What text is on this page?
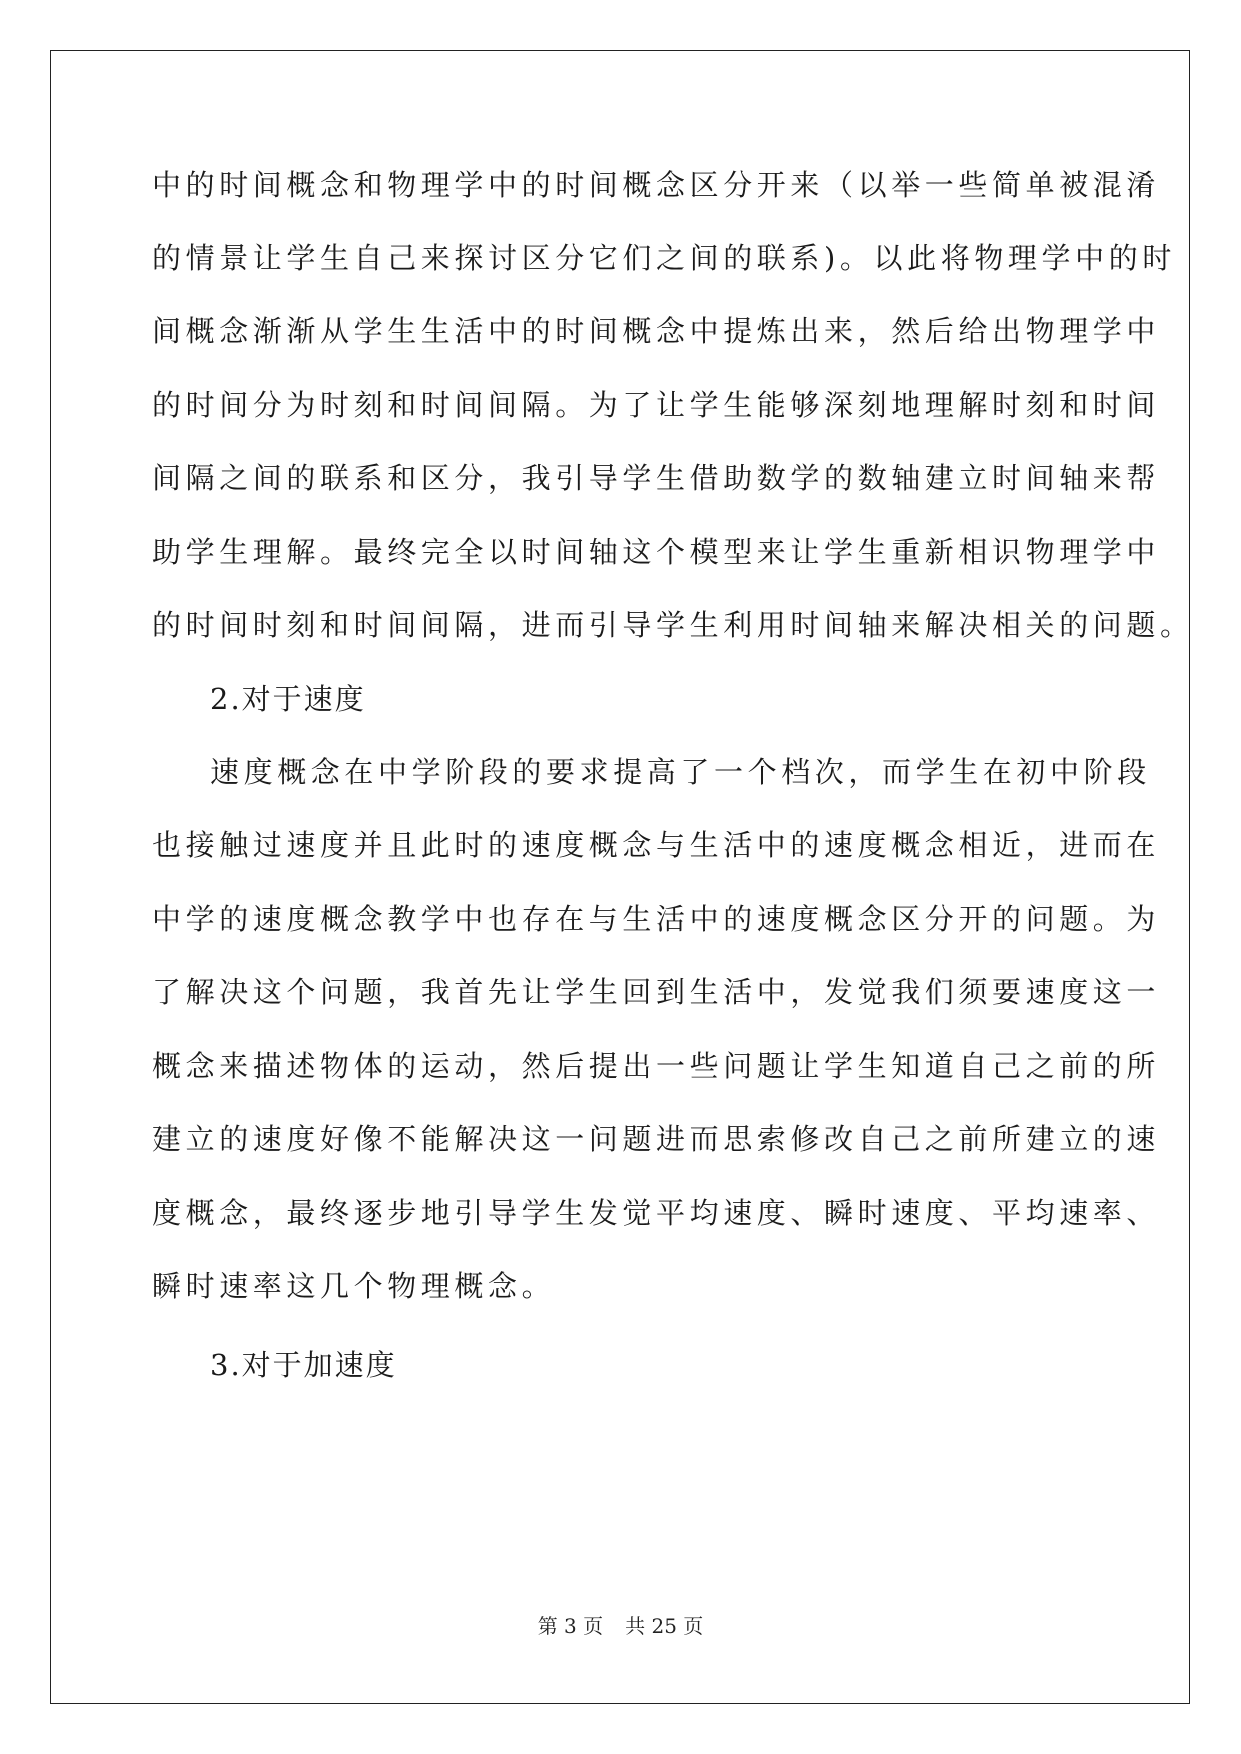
中的时间概念和物理学中的时间概念区分开来（以举一些简单被混淆
的情景让学生自己来探讨区分它们之间的联系)。以此将物理学中的时
间概念渐渐从学生生活中的时间概念中提炼出来，然后给出物理学中
的时间分为时刻和时间间隔。为了让学生能够深刻地理解时刻和时间
间隔之间的联系和区分，我引导学生借助数学的数轴建立时间轴来帮
助学生理解。最终完全以时间轴这个模型来让学生重新相识物理学中
的时间时刻和时间间隔，进而引导学生利用时间轴来解决相关的问题。
2.对于速度
速度概念在中学阶段的要求提高了一个档次，而学生在初中阶段
也接触过速度并且此时的速度概念与生活中的速度概念相近，进而在
中学的速度概念教学中也存在与生活中的速度概念区分开的问题。为
了解决这个问题，我首先让学生回到生活中，发觉我们须要速度这一
概念来描述物体的运动，然后提出一些问题让学生知道自己之前的所
建立的速度好像不能解决这一问题进而思索修改自己之前所建立的速
度概念，最终逐步地引导学生发觉平均速度、瞬时速度、平均速率、
瞬时速率这几个物理概念。
3.对于加速度
第 3 页 共 25 页
